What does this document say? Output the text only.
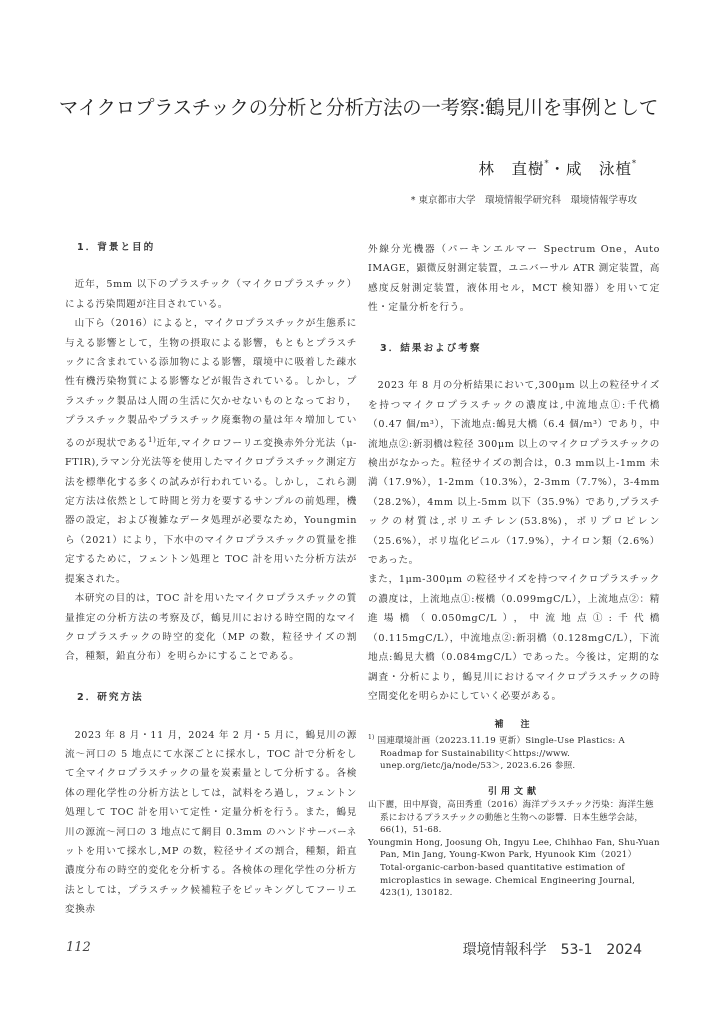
マイクロプラスチックの分析と分析方法の一考察:鶴見川を事例として
林　直樹*・咸　泳植*
* 東京都市大学　環境情報学研究科　環境情報学専攻
1．背景と目的

近年，5mm 以下のプラスチック（マイクロプラスチック）による汚染問題が注目されている。

山下ら（2016）によると，マイクロプラスチックが生態系に与える影響として，生物の摂取による影響，もともとプラスチックに含まれている添加物による影響，環境中に吸着した疎水性有機汚染物質による影響などが報告されている。しかし，プラスチック製品は人間の生活に欠かせないものとなっており，プラスチック製品やプラスチック廃棄物の量は年々増加しているのが現状である$^{1)}$近年,マイクロフーリエ変換赤外分光法（μ-FTIR),ラマン分光法等を使用したマイクロプラスチック測定方法を標準化する多くの試みが行われている。しかし，これら測定方法は依然として時間と労力を要するサンプルの前処理，機器の設定，および複雑なデータ処理が必要なため，Youngmin ら（2021）により，下水中のマイクロプラスチックの質量を推定するために，フェントン処理と TOC 計を用いた分析方法が提案された。

本研究の目的は，TOC 計を用いたマイクロプラスチックの質量推定の分析方法の考察及び，鶴見川における時空間的なマイクロプラスチックの時空的変化（MP の数，粒径サイズの割合，種類，鉛直分布）を明らかにすることである。

2．研究方法

2023 年 8 月・11 月，2024 年 2 月・5 月に，鶴見川の源流～河口の 5 地点にて水深ごとに採水し，TOC 計で分析をして全マイクロプラスチックの量を炭素量として分析する。各検体の理化学性の分析方法としては，試料をろ過し，フェントン処理して TOC 計を用いて定性・定量分析を行う。また，鶴見川の源流～河口の 3 地点にて網目 0.3mm のハンドサーバーネットを用いて採水し,MP の数，粒径サイズの割合，種類，鉛直濃度分布の時空的変化を分析する。各検体の理化学性の分析方法としては，プラスチック候補粒子をピッキングしてフーリエ変換赤

外線分光機器（パーキンエルマー Spectrum One，Auto IMAGE，顕微反射測定装置，ユニバーサル ATR 測定装置，高感度反射測定装置，液体用セル，MCT 検知器）を用いて定性・定量分析を行う。

3．結果および考察

2023 年 8 月の分析結果において,300μm 以上の粒径サイズを持つマイクロプラスチックの濃度は,中流地点①:千代橋（0.47 個/m³），下流地点:鶴見大橋（6.4 個/m³）であり，中流地点②:新羽橋は粒径 300μm 以上のマイクロプラスチックの検出がなかった。粒径サイズの割合は，0.3 mm以上-1mm 未満（17.9%），1-2mm（10.3%），2-3mm（7.7%），3-4mm（28.2%），4mm 以上-5mm 以下（35.9%）であり,プラスチックの材質は,ポリエチレン(53.8%)，ポリプロピレン（25.6%），ポリ塩化ビニル（17.9%），ナイロン類（2.6%）であった。

また，1μm-300μm の粒径サイズを持つマイクロプラスチックの濃度は，上流地点①:桜橋（0.099mgC/L），上流地点②：精進場橋（0.050mgC/L），中流地点①:千代橋（0.115mgC/L），中流地点②:新羽橋（0.128mgC/L），下流地点:鶴見大橋（0.084mgC/L）であった。今後は，定期的な調査・分析により，鶴見川におけるマイクロプラスチックの時空間変化を明らかにしていく必要がある。

補　注

$^{1)}$ 国連環境計画（20223.11.19 更新）Single-Use Plastics: A Roadmap for Sustainability＜https://www. unep.org/ietc/ja/node/53＞, 2023.6.26 参照.

引用文献

山下麗，田中厚資，高田秀重（2016）海洋プラスチック汚染：海洋生態系におけるプラスチックの動態と生物への影響．日本生態学会誌，66(1)，51-68.

Youngmin Hong, Joosung Oh, Ingyu Lee, Chihhao Fan, Shu-Yuan Pan, Min Jang, Young-Kwon Park, Hyunook Kim（2021）Total-organic-carbon-based quantitative estimation of microplastics in sewage. Chemical Engineering Journal, 423(1), 130182.

112	環境情報科学　53-1　2024
